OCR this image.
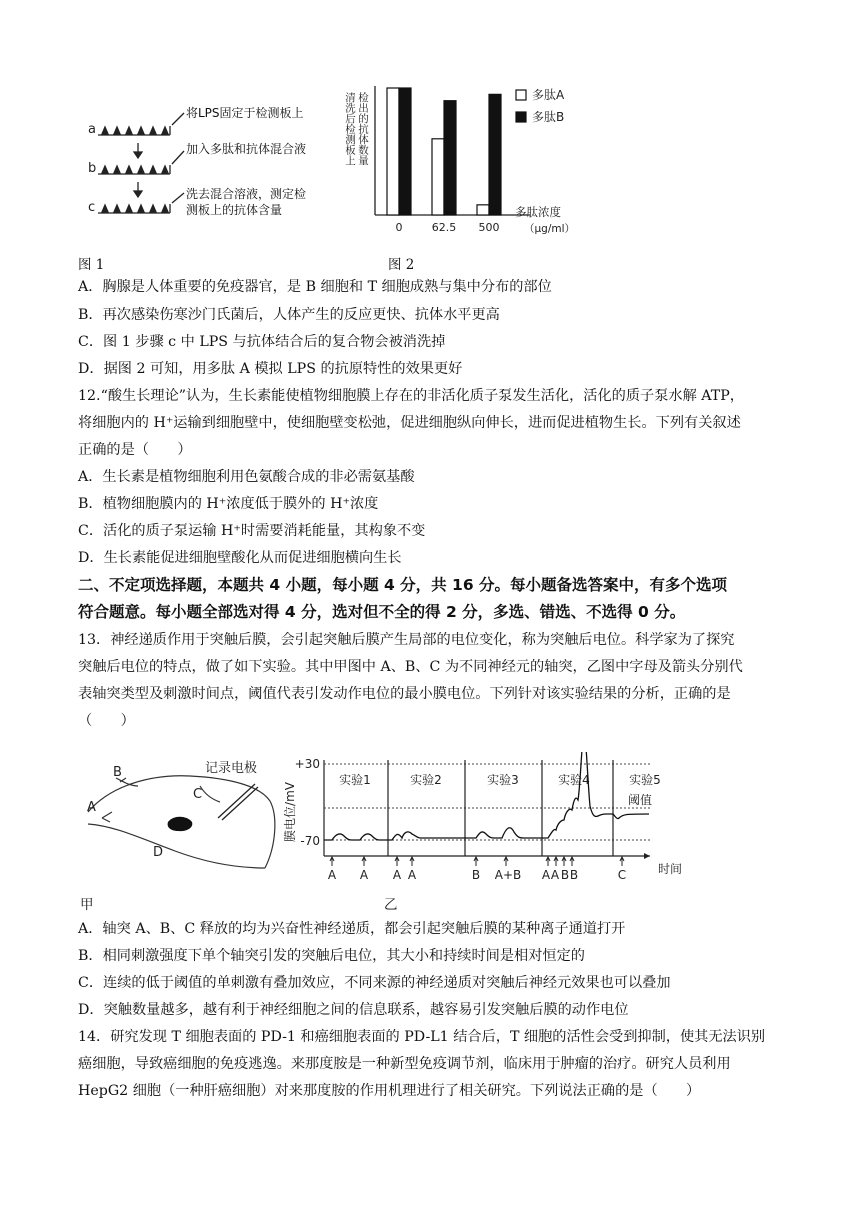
a
b
c
将LPS固定于检测板上
加入多肽和抗体混合液
洗去混合溶液，测定检
测板上的抗体含量
清洗后检测板上 检出的抗体数量
0	62.5 500
多肽浓度
（μg/ml）
多肽A
多肽B
图 1	图 2
A．胸腺是人体重要的免疫器官，是 B 细胞和 T 细胞成熟与集中分布的部位
B．再次感染伤寒沙门氏菌后，人体产生的反应更快、抗体水平更高
C．图 1 步骤 c 中 LPS 与抗体结合后的复合物会被消洗掉
D．据图 2 可知，用多肽 A 模拟 LPS 的抗原特性的效果更好
12.“酸生长理论”认为，生长素能使植物细胞膜上存在的非活化质子泵发生活化，活化的质子泵水解 ATP，
将细胞内的 H⁺运输到细胞壁中，使细胞壁变松弛，促进细胞纵向伸长，进而促进植物生长。下列有关叙述
正确的是（　　）
A．生长素是植物细胞利用色氨酸合成的非必需氨基酸
B．植物细胞膜内的 H⁺浓度低于膜外的 H⁺浓度
C．活化的质子泵运输 H⁺时需要消耗能量，其构象不变
D．生长素能促进细胞壁酸化从而促进细胞横向生长
二、不定项选择题，本题共 4 小题，每小题 4 分，共 16 分。每小题备选答案中，有多个选项
符合题意。每小题全部选对得 4 分，选对但不全的得 2 分，多选、错选、不选得 0 分。
13．神经递质作用于突触后膜，会引起突触后膜产生局部的电位变化，称为突触后电位。科学家为了探究
突触后电位的特点，做了如下实验。其中甲图中 A、B、C 为不同神经元的轴突，乙图中字母及箭头分别代
表轴突类型及刺激时间点，阈值代表引发动作电位的最小膜电位。下列针对该实验结果的分析，正确的是
（　　）
记录电极
A
B
C
D
膜电位/mV
+30
-70
实验1	实验2	实验3	实验4	实验5
阈值
A A A A	B A+B A A B B	C	时间
甲	乙
A．轴突 A、B、C 释放的均为兴奋性神经递质，都会引起突触后膜的某种离子通道打开
B．相同刺激强度下单个轴突引发的突触后电位，其大小和持续时间是相对恒定的
C．连续的低于阈值的单刺激有叠加效应，不同来源的神经递质对突触后神经元效果也可以叠加
D．突触数量越多，越有利于神经细胞之间的信息联系，越容易引发突触后膜的动作电位
14．研究发现 T 细胞表面的 PD-1 和癌细胞表面的 PD-L1 结合后，T 细胞的活性会受到抑制，使其无法识别
癌细胞，导致癌细胞的免疫逃逸。来那度胺是一种新型免疫调节剂，临床用于肿瘤的治疗。研究人员利用
HepG2 细胞（一种肝癌细胞）对来那度胺的作用机理进行了相关研究。下列说法正确的是（　　）
